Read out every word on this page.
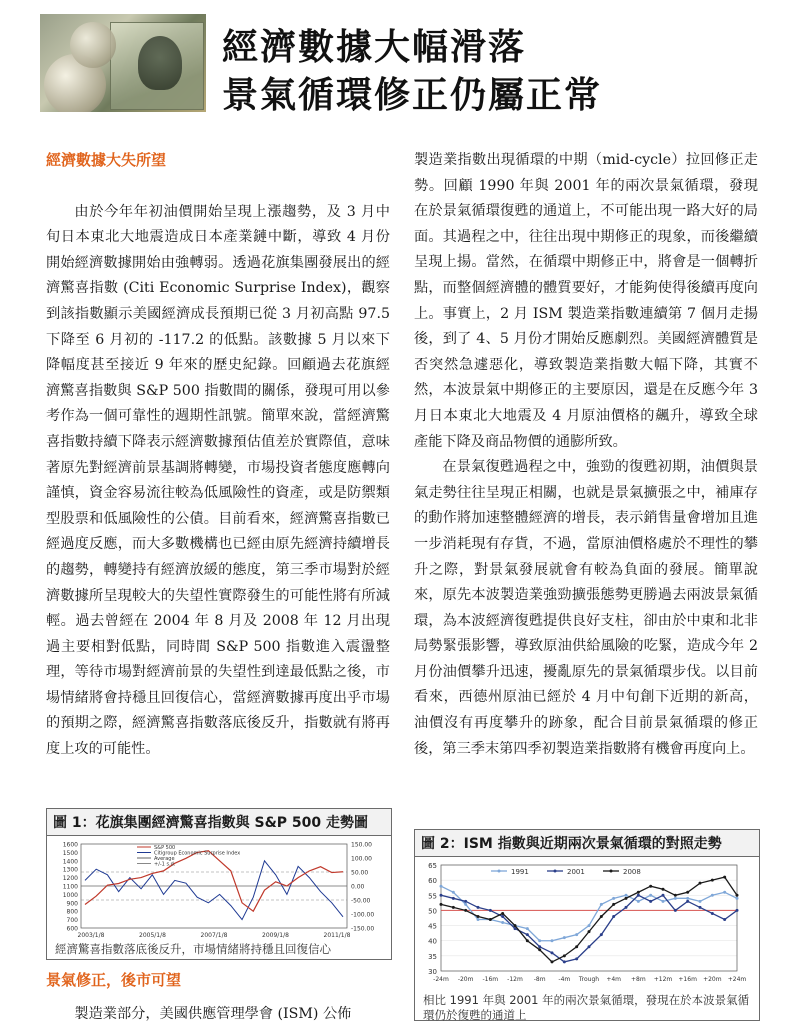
經濟數據大幅滑落
景氣循環修正仍屬正常
經濟數據大失所望

由於今年年初油價開始呈現上漲趨勢，及 3 月中旬日本東北大地震造成日本產業鏈中斷，導致 4 月份開始經濟數據開始由強轉弱。透過花旗集團發展出的經濟驚喜指數 (Citi Economic Surprise Index)，觀察到該指數顯示美國經濟成長預期已從 3 月初高點 97.5 下降至 6 月初的 -117.2 的低點。該數據 5 月以來下降幅度甚至接近 9 年來的歷史紀錄。回顧過去花旗經濟驚喜指數與 S&P 500 指數間的關係，發現可用以參考作為一個可靠性的週期性訊號。簡單來說，當經濟驚喜指數持續下降表示經濟數據預估值差於實際值，意味著原先對經濟前景基調將轉變，市場投資者態度應轉向謹慎，資金容易流往較為低風險性的資產，或是防禦類型股票和低風險性的公債。目前看來，經濟驚喜指數已經過度反應，而大多數機構也已經由原先經濟持續增長的趨勢，轉變持有經濟放緩的態度，第三季市場對於經濟數據所呈現較大的失望性實際發生的可能性將有所減輕。過去曾經在 2004 年 8 月及 2008 年 12 月出現過主要相對低點，同時間 S&P 500 指數進入震盪整理，等待市場對經濟前景的失望性到達最低點之後，市場情緒將會持穩且回復信心，當經濟數據再度出乎市場的預期之際，經濟驚喜指數落底後反升，指數就有將再度上攻的可能性。

圖 1：花旗集團經濟驚喜指數與 S&P 500 走勢圖
600
700
800
900
1000
1100
1200
1300
1400
1500
1600	150.00
100.00
50.00
0.00
-50.00
-100.00
-150.00
2003/1/8	2005/1/8	2007/1/8	2009/1/8	2011/1/8
S&P 500
Citigroup Economic Surprise Index
Average
+/-1 s.d.
經濟驚喜指數落底後反升，市場情緒將持穩且回復信心
景氣修正，後市可望

製造業部分，美國供應管理學會 (ISM) 公佈

製造業指數出現循環的中期（mid-cycle）拉回修正走勢。回顧 1990 年與 2001 年的兩次景氣循環，發現在於景氣循環復甦的通道上，不可能出現一路大好的局面。其過程之中，往往出現中期修正的現象，而後繼續呈現上揚。當然，在循環中期修正中，將會是一個轉折點，而整個經濟體的體質要好，才能夠使得後續再度向上。事實上，2 月 ISM 製造業指數連續第 7 個月走揚後，到了 4、5 月份才開始反應劇烈。美國經濟體質是否突然急遽惡化，導致製造業指數大幅下降，其實不然，本波景氣中期修正的主要原因，還是在反應今年 3 月日本東北大地震及 4 月原油價格的飆升，導致全球產能下降及商品物價的通膨所致。

在景氣復甦過程之中，強勁的復甦初期，油價與景氣走勢往往呈現正相關，也就是景氣擴張之中，補庫存的動作將加速整體經濟的增長，表示銷售量會增加且進一步消耗現有存貨，不過，當原油價格處於不理性的攀升之際，對景氣發展就會有較為負面的發展。簡單說來，原先本波製造業強勁擴張態勢更勝過去兩波景氣循環，為本波經濟復甦提供良好支柱，卻由於中東和北非局勢緊張影響，導致原油供給風險的吃緊，造成今年 2 月份油價攀升迅速，擾亂原先的景氣循環步伐。以目前看來，西德州原油已經於 4 月中旬創下近期的新高，油價沒有再度攀升的跡象，配合目前景氣循環的修正後，第三季末第四季初製造業指數將有機會再度向上。

圖 2：ISM 指數與近期兩次景氣循環的對照走勢
30
35
40
45
50
55
60
65
-24m -20m -16m -12m -8m -4m Trough +4m +8m +12m +16m +20m +24m
1991	2001	2008
相比 1991 年與 2001 年的兩次景氣循環，發現在於本波景氣循環仍於復甦的通道上
